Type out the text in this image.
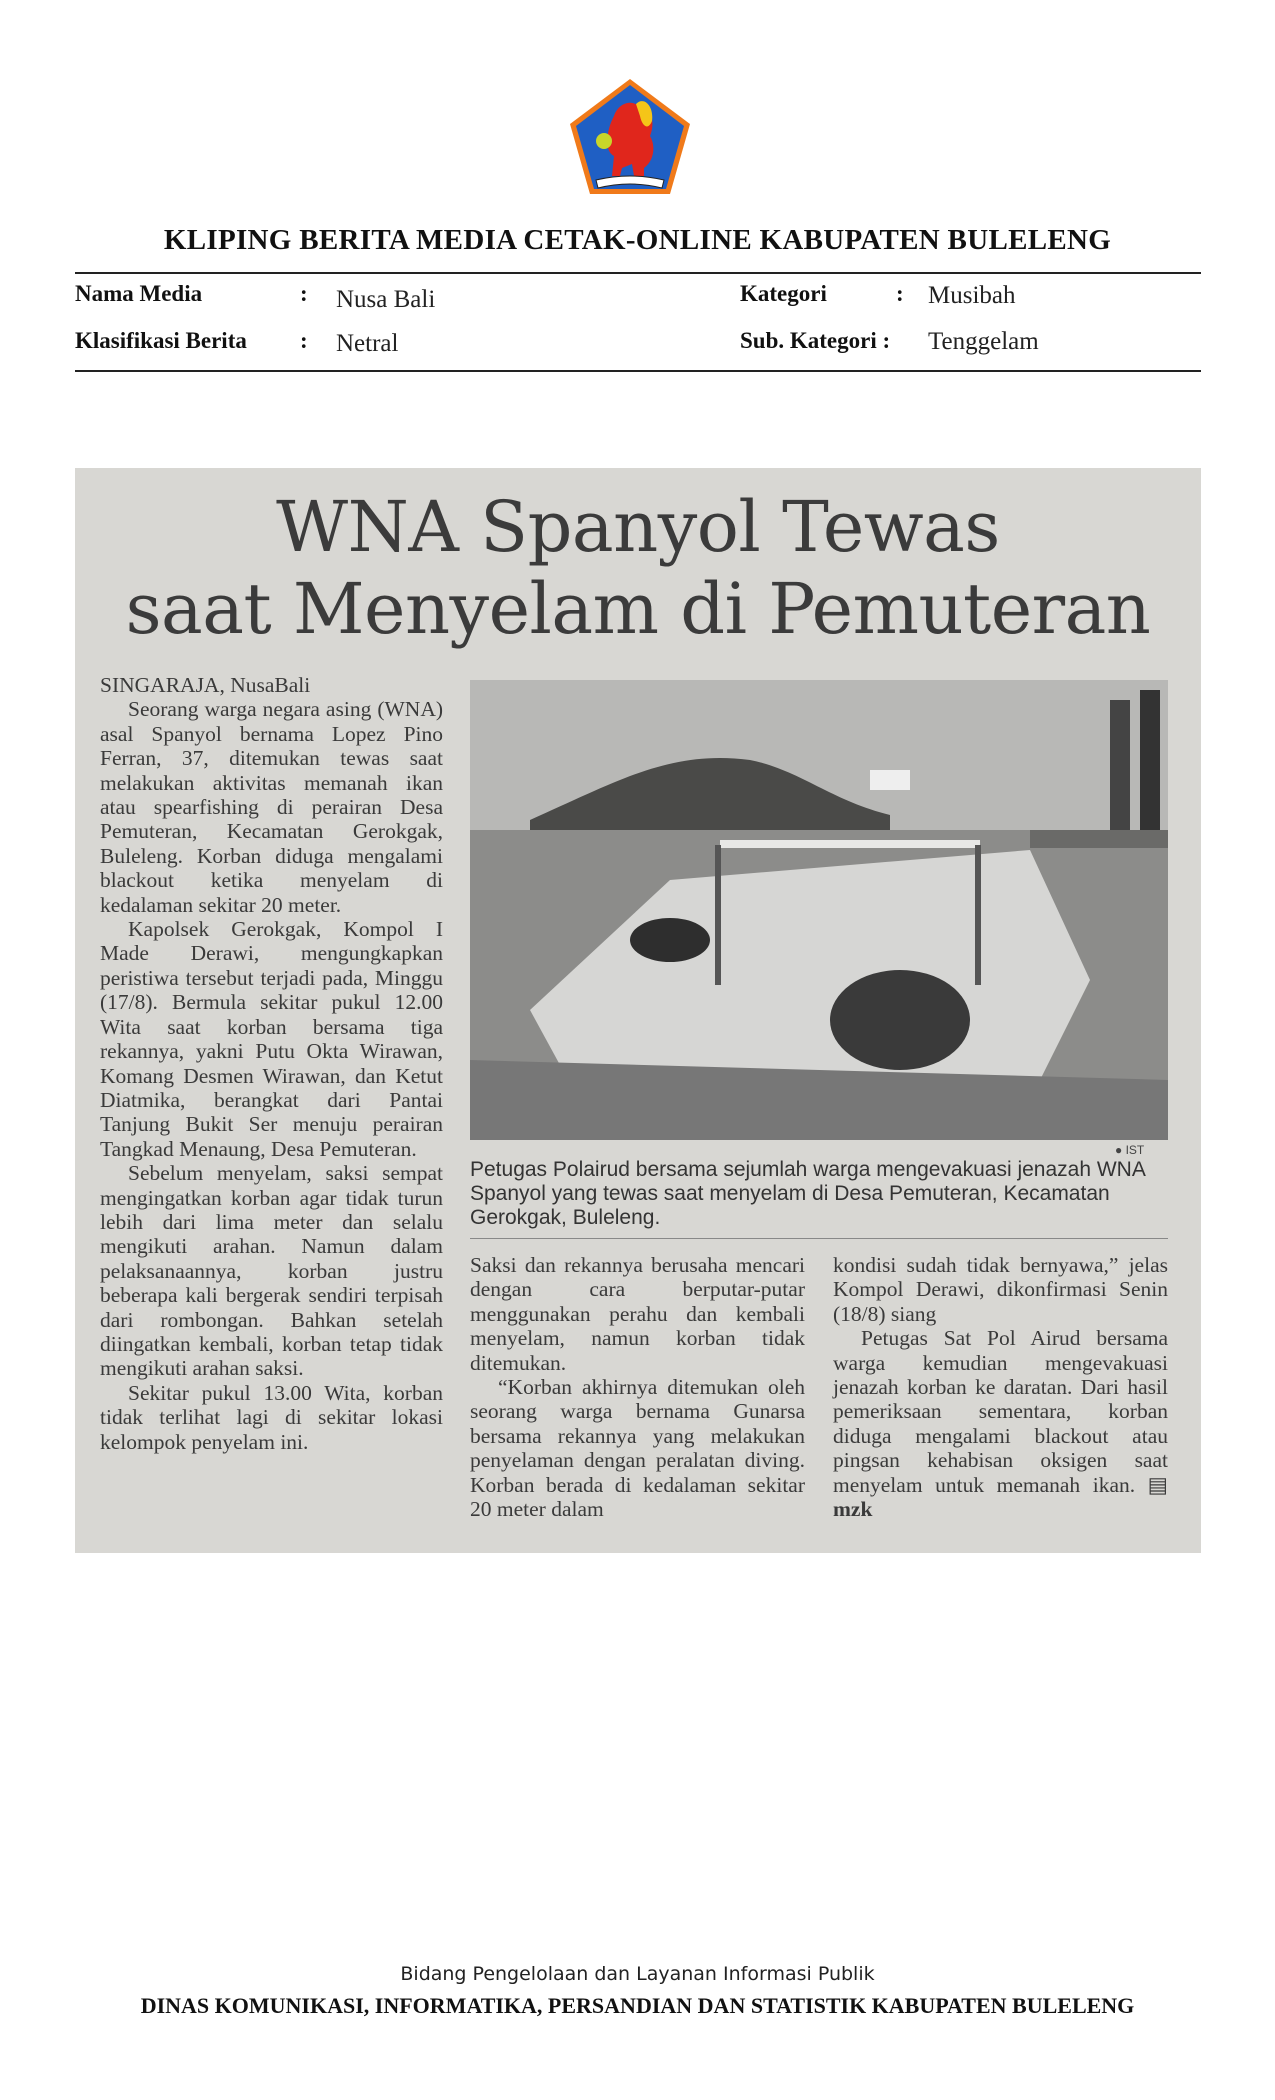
KLIPING BERITA MEDIA CETAK-ONLINE KABUPATEN BULELENG
Nama Media	: Nusa Bali
Klasifikasi Berita : Netral
Kategori	: Musibah
Sub. Kategori : Tenggelam
WNA Spanyol Tewas
saat Menyelam di Pemuteran

SINGARAJA, NusaBali

Seorang warga negara asing (WNA) asal Spanyol bernama Lopez Pino Ferran, 37, ditemukan tewas saat melakukan aktivitas memanah ikan atau spearfishing di perairan Desa Pemuteran, Kecamatan Gerokgak, Buleleng. Korban diduga mengalami blackout ketika menyelam di kedalaman sekitar 20 meter.

Kapolsek Gerokgak, Kompol I Made Derawi, mengungkapkan peristiwa tersebut terjadi pada, Minggu (17/8). Bermula sekitar pukul 12.00 Wita saat korban bersama tiga rekannya, yakni Putu Okta Wirawan, Komang Desmen Wirawan, dan Ketut Diatmika, berangkat dari Pantai Tanjung Bukit Ser menuju perairan Tangkad Menaung, Desa Pemuteran.

Sebelum menyelam, saksi sempat mengingatkan korban agar tidak turun lebih dari lima meter dan selalu mengikuti arahan. Namun dalam pelaksanaannya, korban justru beberapa kali bergerak sendiri terpisah dari rombongan. Bahkan setelah diingatkan kembali, korban tetap tidak mengikuti arahan saksi.

Sekitar pukul 13.00 Wita, korban tidak terlihat lagi di sekitar lokasi kelompok penyelam ini.

● IST
Petugas Polairud bersama sejumlah warga mengevakuasi jenazah WNA Spanyol yang tewas saat menyelam di Desa Pemuteran, Kecamatan Gerokgak, Buleleng.

Saksi dan rekannya berusaha mencari dengan cara berputar-putar menggunakan perahu dan kembali menyelam, namun korban tidak ditemukan.

“Korban akhirnya ditemukan oleh seorang warga bernama Gunarsa bersama rekannya yang melakukan penyelaman dengan peralatan diving. Korban berada di kedalaman sekitar 20 meter dalam

kondisi sudah tidak bernyawa,” jelas Kompol Derawi, dikonfirmasi Senin (18/8) siang

Petugas Sat Pol Airud bersama warga kemudian mengevakuasi jenazah korban ke daratan. Dari hasil pemeriksaan sementara, korban diduga mengalami blackout atau pingsan kehabisan oksigen saat menyelam untuk memanah ikan. ▤ mzk

Bidang Pengelolaan dan Layanan Informasi Publik
DINAS KOMUNIKASI, INFORMATIKA, PERSANDIAN DAN STATISTIK KABUPATEN BULELENG
